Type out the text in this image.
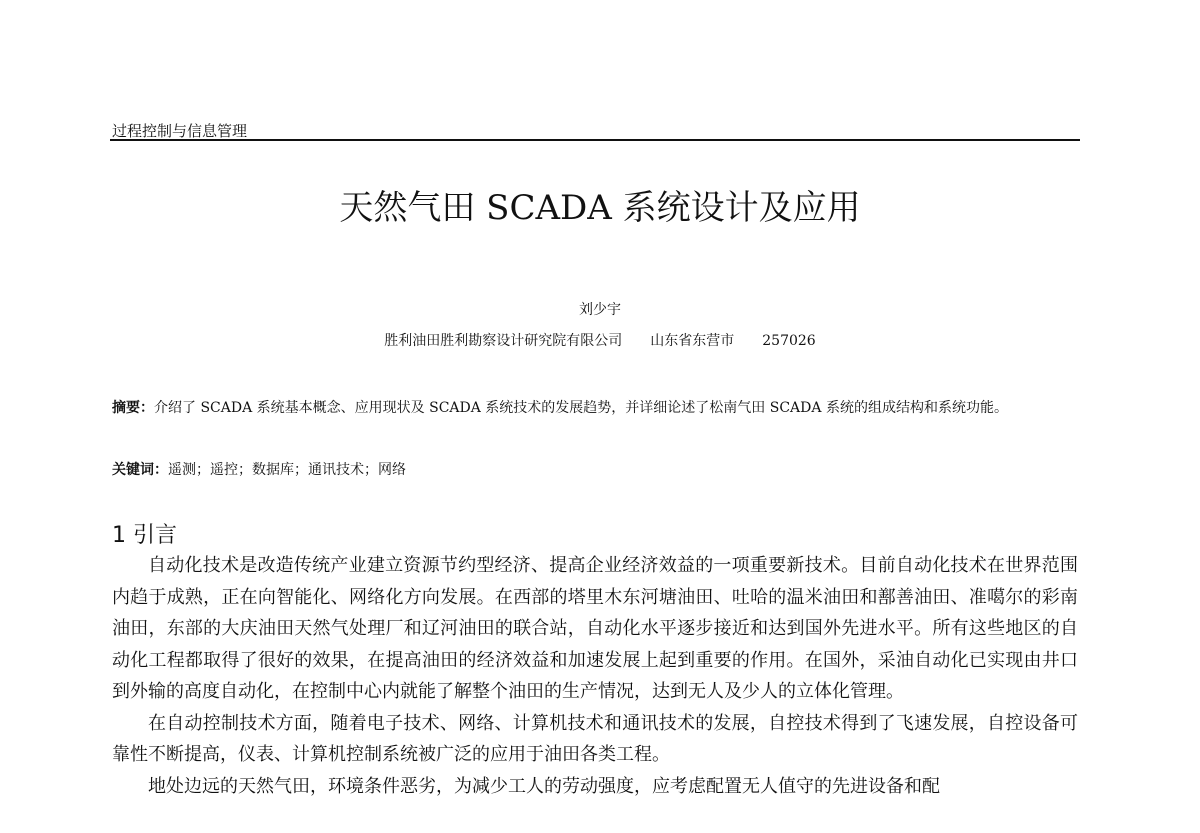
过程控制与信息管理
天然气田 SCADA 系统设计及应用
刘少宇
胜利油田胜利勘察设计研究院有限公司 山东省东营市 257026
摘要：介绍了 SCADA 系统基本概念、应用现状及 SCADA 系统技术的发展趋势，并详细论述了松南气田 SCADA 系统的组成结构和系统功能。
关键词：遥测；遥控；数据库；通讯技术；网络
1 引言

自动化技术是改造传统产业建立资源节约型经济、提高企业经济效益的一项重要新技术。目前自动化技术在世界范围内趋于成熟，正在向智能化、网络化方向发展。在西部的塔里木东河塘油田、吐哈的温米油田和鄯善油田、准噶尔的彩南油田，东部的大庆油田天然气处理厂和辽河油田的联合站，自动化水平逐步接近和达到国外先进水平。所有这些地区的自动化工程都取得了很好的效果，在提高油田的经济效益和加速发展上起到重要的作用。在国外，采油自动化已实现由井口到外输的高度自动化，在控制中心内就能了解整个油田的生产情况，达到无人及少人的立体化管理。

在自动控制技术方面，随着电子技术、网络、计算机技术和通讯技术的发展，自控技术得到了飞速发展，自控设备可靠性不断提高，仪表、计算机控制系统被广泛的应用于油田各类工程。

地处边远的天然气田，环境条件恶劣，为减少工人的劳动强度，应考虑配置无人值守的先进设备和配
